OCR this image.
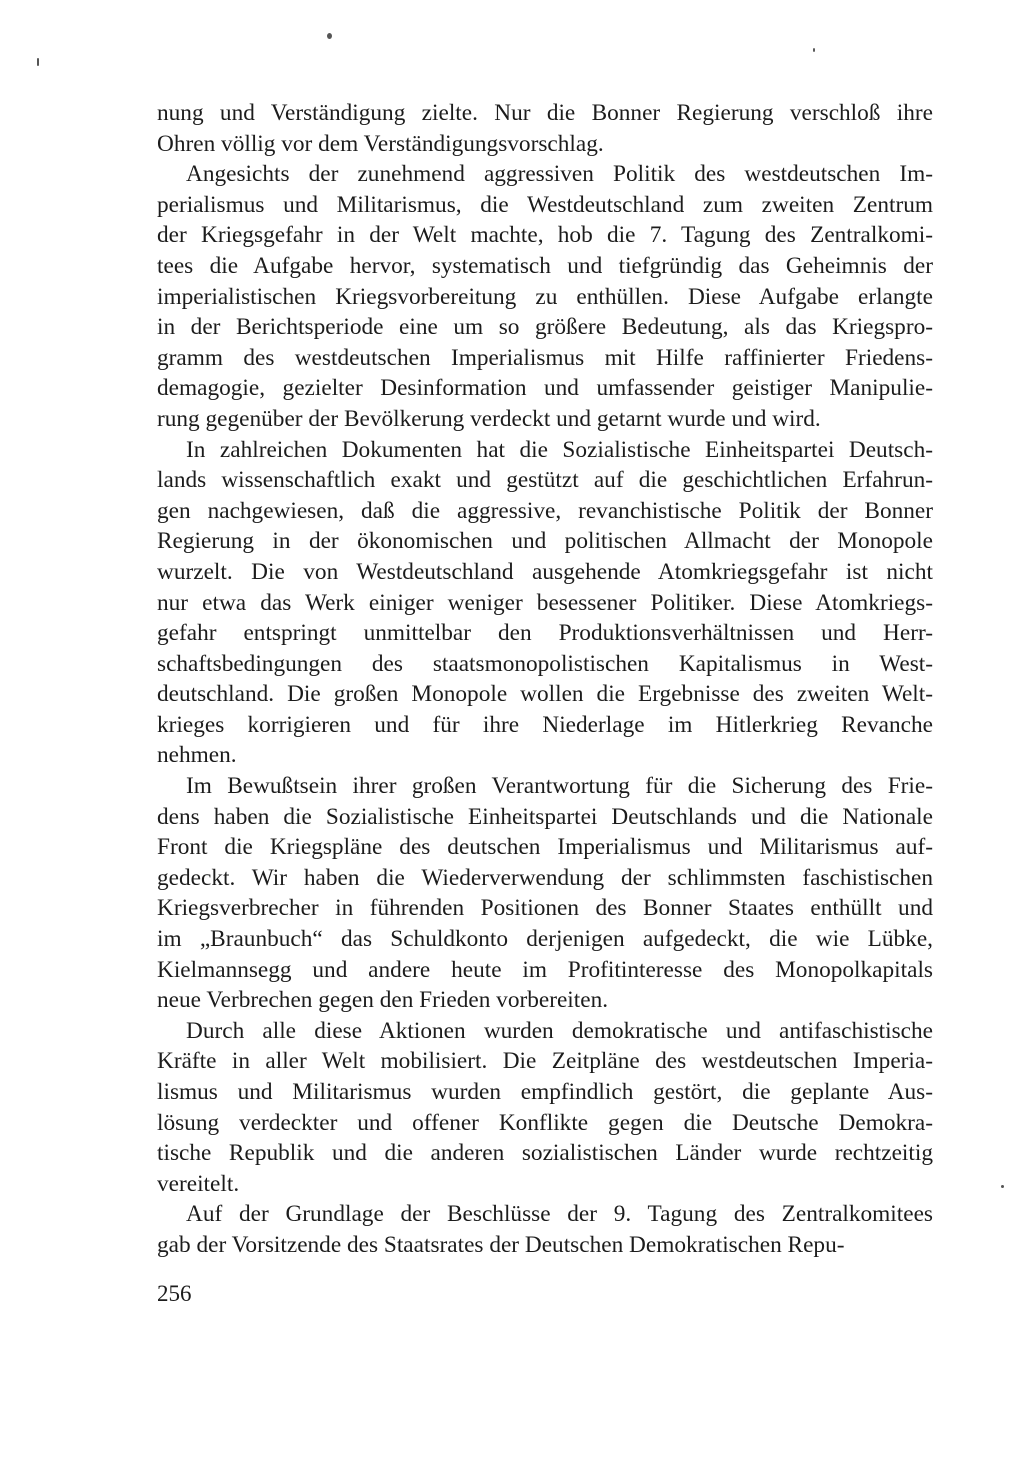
nung und Verständigung zielte. Nur die Bonner Regierung verschloß ihre
Ohren völlig vor dem Verständigungsvorschlag.

Angesichts der zunehmend aggressiven Politik des westdeutschen Im-
perialismus und Militarismus, die Westdeutschland zum zweiten Zentrum
der Kriegsgefahr in der Welt machte, hob die 7. Tagung des Zentralkomi-
tees die Aufgabe hervor, systematisch und tiefgründig das Geheimnis der
imperialistischen Kriegsvorbereitung zu enthüllen. Diese Aufgabe erlangte
in der Berichtsperiode eine um so größere Bedeutung, als das Kriegspro-
gramm des westdeutschen Imperialismus mit Hilfe raffinierter Friedens-
demagogie, gezielter Desinformation und umfassender geistiger Manipulie-
rung gegenüber der Bevölkerung verdeckt und getarnt wurde und wird.

In zahlreichen Dokumenten hat die Sozialistische Einheitspartei Deutsch-
lands wissenschaftlich exakt und gestützt auf die geschichtlichen Erfahrun-
gen nachgewiesen, daß die aggressive, revanchistische Politik der Bonner
Regierung in der ökonomischen und politischen Allmacht der Monopole
wurzelt. Die von Westdeutschland ausgehende Atomkriegsgefahr ist nicht
nur etwa das Werk einiger weniger besessener Politiker. Diese Atomkriegs-
gefahr entspringt unmittelbar den Produktionsverhältnissen und Herr-
schaftsbedingungen des staatsmonopolistischen Kapitalismus in West-
deutschland. Die großen Monopole wollen die Ergebnisse des zweiten Welt-
krieges korrigieren und für ihre Niederlage im Hitlerkrieg Revanche
nehmen.

Im Bewußtsein ihrer großen Verantwortung für die Sicherung des Frie-
dens haben die Sozialistische Einheitspartei Deutschlands und die Nationale
Front die Kriegspläne des deutschen Imperialismus und Militarismus auf-
gedeckt. Wir haben die Wiederverwendung der schlimmsten faschistischen
Kriegsverbrecher in führenden Positionen des Bonner Staates enthüllt und
im „Braunbuch“ das Schuldkonto derjenigen aufgedeckt, die wie Lübke,
Kielmannsegg und andere heute im Profitinteresse des Monopolkapitals
neue Verbrechen gegen den Frieden vorbereiten.

Durch alle diese Aktionen wurden demokratische und antifaschistische
Kräfte in aller Welt mobilisiert. Die Zeitpläne des westdeutschen Imperia-
lismus und Militarismus wurden empfindlich gestört, die geplante Aus-
lösung verdeckter und offener Konflikte gegen die Deutsche Demokra-
tische Republik und die anderen sozialistischen Länder wurde rechtzeitig
vereitelt.

Auf der Grundlage der Beschlüsse der 9. Tagung des Zentralkomitees
gab der Vorsitzende des Staatsrates der Deutschen Demokratischen Repu-

256
